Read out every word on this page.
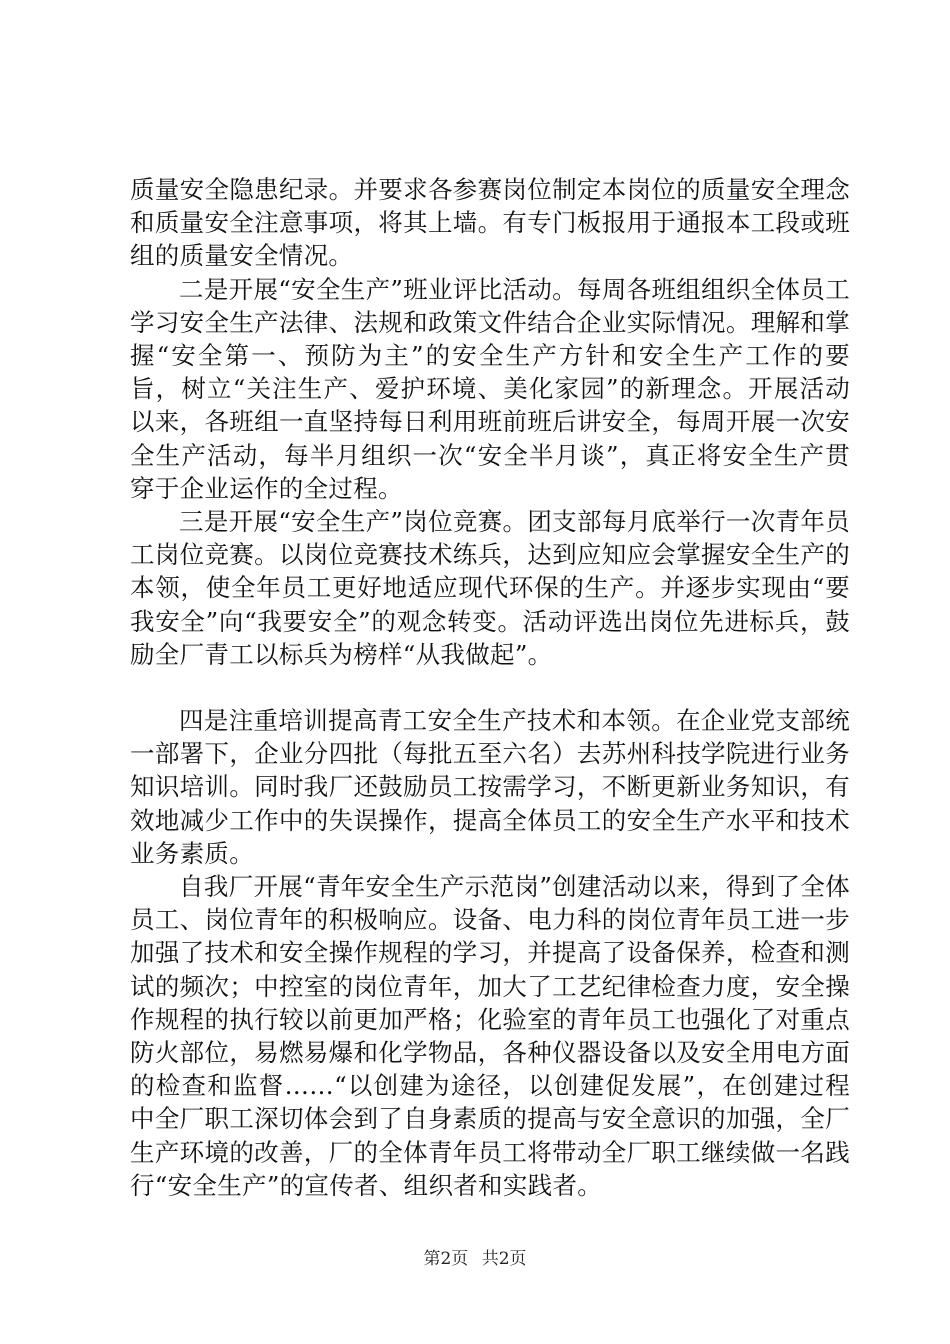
质量安全隐患纪录。并要求各参赛岗位制定本岗位的质量安全理念和质量安全注意事项，将其上墙。有专门板报用于通报本工段或班组的质量安全情况。

二是开展“安全生产”班业评比活动。每周各班组组织全体员工学习安全生产法律、法规和政策文件结合企业实际情况。理解和掌握“安全第一、预防为主”的安全生产方针和安全生产工作的要旨，树立“关注生产、爱护环境、美化家园”的新理念。开展活动以来，各班组一直坚持每日利用班前班后讲安全，每周开展一次安全生产活动，每半月组织一次“安全半月谈”，真正将安全生产贯穿于企业运作的全过程。

三是开展“安全生产”岗位竞赛。团支部每月底举行一次青年员工岗位竞赛。以岗位竞赛技术练兵，达到应知应会掌握安全生产的本领，使全年员工更好地适应现代环保的生产。并逐步实现由“要我安全”向“我要安全”的观念转变。活动评选出岗位先进标兵，鼓励全厂青工以标兵为榜样“从我做起”。

四是注重培训提高青工安全生产技术和本领。在企业党支部统一部署下，企业分四批（每批五至六名）去苏州科技学院进行业务知识培训。同时我厂还鼓励员工按需学习，不断更新业务知识，有效地减少工作中的失误操作，提高全体员工的安全生产水平和技术业务素质。

自我厂开展“青年安全生产示范岗”创建活动以来，得到了全体员工、岗位青年的积极响应。设备、电力科的岗位青年员工进一步加强了技术和安全操作规程的学习，并提高了设备保养，检查和测试的频次；中控室的岗位青年，加大了工艺纪律检查力度，安全操作规程的执行较以前更加严格；化验室的青年员工也强化了对重点防火部位，易燃易爆和化学物品，各种仪器设备以及安全用电方面的检查和监督……“以创建为途径，以创建促发展”，在创建过程中全厂职工深切体会到了自身素质的提高与安全意识的加强，全厂生产环境的改善，厂的全体青年员工将带动全厂职工继续做一名践行“安全生产”的宣传者、组织者和实践者。

第2页 共2页
